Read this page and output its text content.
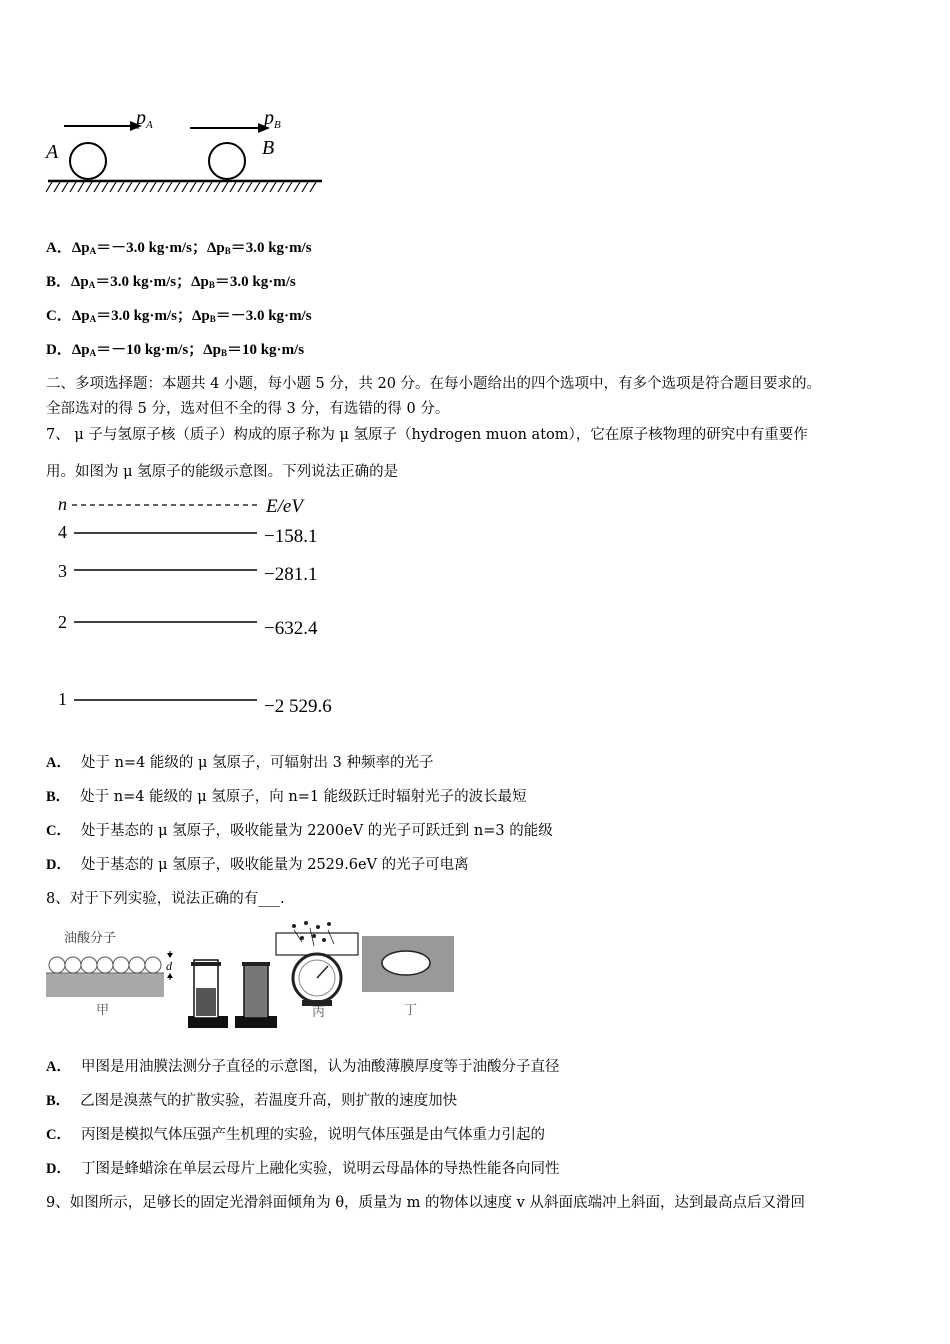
$p_A$	$p_B$
A	B
A．$\Delta p_A=-3.0$ kg·m/s；$\Delta p_B=3.0$ kg·m/s
B．$\Delta p_A=3.0$ kg·m/s；$\Delta p_B=3.0$ kg·m/s
C．$\Delta p_A=3.0$ kg·m/s；$\Delta p_B=-3.0$ kg·m/s
D．$\Delta p_A=-10$ kg·m/s；$\Delta p_B=10$ kg·m/s
二、多项选择题：本题共 4 小题，每小题 5 分，共 20 分。在每小题给出的四个选项中，有多个选项是符合题目要求的。
全部选对的得 5 分，选对但不全的得 3 分，有选错的得 0 分。
7、 μ 子与氢原子核（质子）构成的原子称为 μ 氢原子（hydrogen muon atom），它在原子核物理的研究中有重要作
用。如图为 μ 氢原子的能级示意图。下列说法正确的是
n	E/eV
4	−158.1
3	−281.1
2	−632.4
1	−2 529.6
A． 处于 n=4 能级的 μ 氢原子，可辐射出 3 种频率的光子
B． 处于 n=4 能级的 μ 氢原子，向 n=1 能级跃迁时辐射光子的波长最短
C． 处于基态的 μ 氢原子，吸收能量为 2200eV 的光子可跃迁到 n=3 的能级
D． 处于基态的 μ 氢原子，吸收能量为 2529.6eV 的光子可电离
8、对于下列实验，说法正确的有___.
油酸分子
d
甲	丙	丁
A． 甲图是用油膜法测分子直径的示意图，认为油酸薄膜厚度等于油酸分子直径
B． 乙图是溴蒸气的扩散实验，若温度升高，则扩散的速度加快
C． 丙图是模拟气体压强产生机理的实验，说明气体压强是由气体重力引起的
D． 丁图是蜂蜡涂在单层云母片上融化实验，说明云母晶体的导热性能各向同性
9、如图所示，足够长的固定光滑斜面倾角为 θ，质量为 m 的物体以速度 v 从斜面底端冲上斜面，达到最高点后又滑回
